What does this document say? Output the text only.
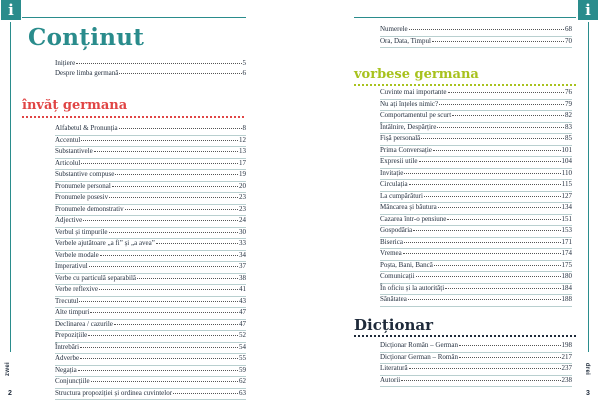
i
zwei
2
Conținut
Inițiere	5
Despre limba germană	6
învăț germana
Alfabetul & Pronunția	8
Accentul	12
Substantivele	13
Articolul	17
Substantive compuse	19
Pronumele personal	20
Pronumele posesiv	23
Pronumele demonstrativ	23
Adjective	24
Verbul și timpurile	30
Verbele ajutătoare „a fi” și „a avea”	33
Verbele modale	34
Imperativul	37
Verbe cu particulă separabilă	38
Verbe reflexive	41
Trecutul	43
Alte timpuri	47
Declinarea / cazurile	47
Prepozițiile	52
Întrebări	54
Adverbe	55
Negația	59
Conjuncțiile	62
Structura propoziției și ordinea cuvintelor	63
i
drei
3
Numerele	68
Ora, Data, Timpul	70
vorbese germana
Cuvinte mai importante	76
Nu ați înțeles nimic?	79
Comportamentul pe scurt	82
Întâlnire, Despărțire	83
Fișă personală	85
Prima Conversație	101
Expresii utile	104
Invitație	110
Circulația	115
La cumpărături	127
Mâncarea și băutura	134
Cazarea într-o pensiune	151
Gospodăria	153
Biserica	171
Vremea	174
Poșta, Bani, Bancă	175
Comunicații	180
În oficiu și la autorități	184
Sănătatea	188
Dicționar
Dicționar Român – German	198
Dicționar German – Român	217
Literatură	237
Autorii	238
